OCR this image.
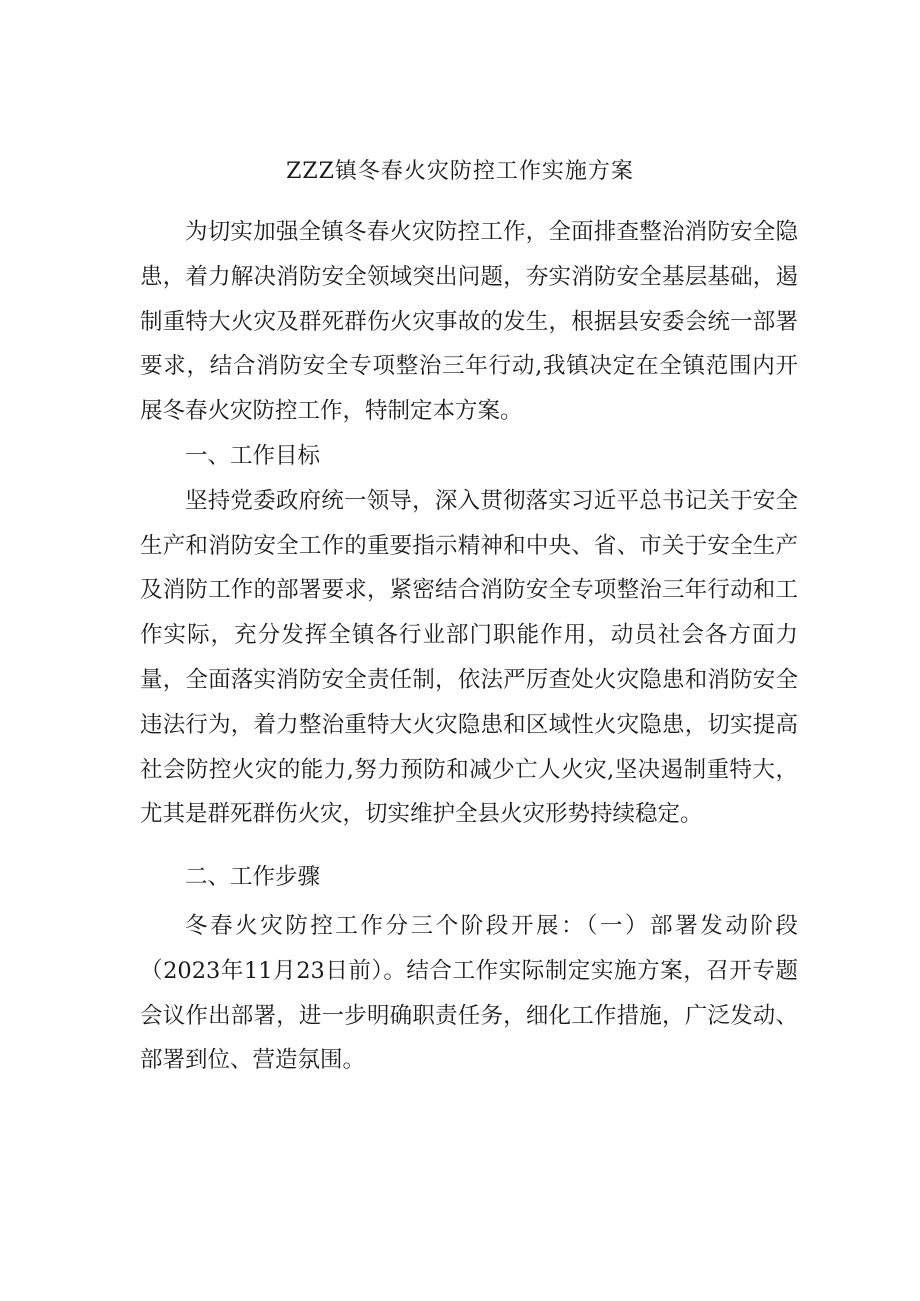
ZZZ镇冬春火灾防控工作实施方案

为切实加强全镇冬春火灾防控工作，全面排查整治消防安全隐患，着力解决消防安全领域突出问题，夯实消防安全基层基础，遏制重特大火灾及群死群伤火灾事故的发生，根据县安委会统一部署要求，结合消防安全专项整治三年行动,我镇决定在全镇范围内开展冬春火灾防控工作，特制定本方案。

一、工作目标

坚持党委政府统一领导，深入贯彻落实习近平总书记关于安全生产和消防安全工作的重要指示精神和中央、省、市关于安全生产及消防工作的部署要求，紧密结合消防安全专项整治三年行动和工作实际，充分发挥全镇各行业部门职能作用，动员社会各方面力量，全面落实消防安全责任制，依法严厉查处火灾隐患和消防安全违法行为，着力整治重特大火灾隐患和区域性火灾隐患，切实提高社会防控火灾的能力,努力预防和减少亡人火灾,坚决遏制重特大，尤其是群死群伤火灾，切实维护全县火灾形势持续稳定。

二、工作步骤

冬春火灾防控工作分三个阶段开展：（一）部署发动阶段（2023年11月23日前）。结合工作实际制定实施方案，召开专题会议作出部署，进一步明确职责任务，细化工作措施，广泛发动、部署到位、营造氛围。
